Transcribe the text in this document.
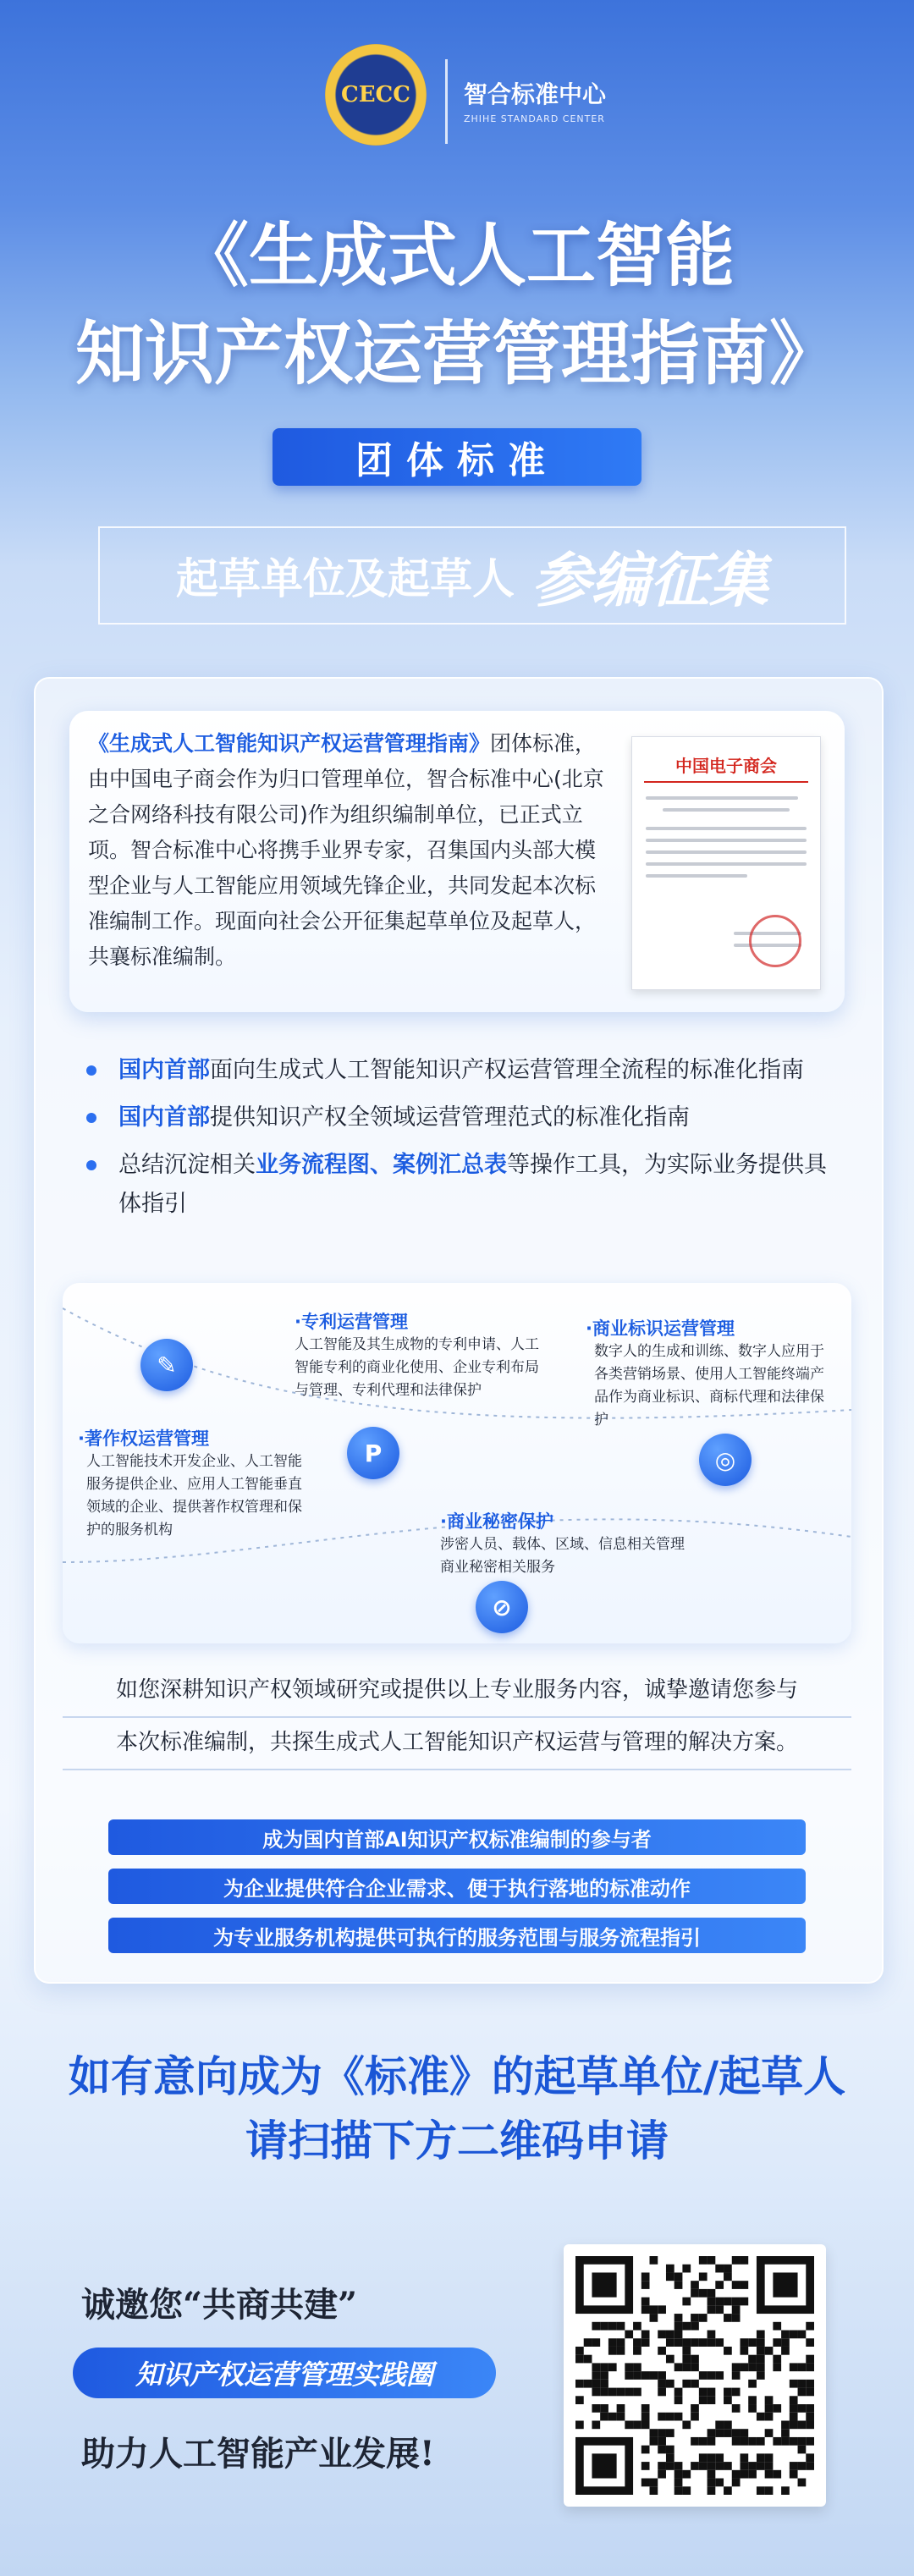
CECC 智合标准中心
ZHIHE STANDARD CENTER
《生成式人工智能
知识产权运营管理指南》
团体标准
起草单位及起草人 参编征集
《生成式人工智能知识产权运营管理指南》团体标准，由中国电子商会作为归口管理单位，智合标准中心(北京之合网络科技有限公司)作为组织编制单位，已正式立项。智合标准中心将携手业界专家，召集国内头部大模型企业与人工智能应用领域先锋企业，共同发起本次标准编制工作。现面向社会公开征集起草单位及起草人，共襄标准编制。
中国电子商会
国内首部面向生成式人工智能知识产权运营管理全流程的标准化指南
国内首部提供知识产权全领域运营管理范式的标准化指南
总结沉淀相关业务流程图、案例汇总表等操作工具，为实际业务提供具体指引
✎
·专利运营管理
人工智能及其生成物的专利申请、人工智能专利的商业化使用、企业专利布局与管理、专利代理和法律保护
·商业标识运营管理
数字人的生成和训练、数字人应用于各类营销场景、使用人工智能终端产品作为商业标识、商标代理和法律保护
·著作权运营管理
人工智能技术开发企业、人工智能服务提供企业、应用人工智能垂直领域的企业、提供著作权管理和保护的服务机构
P	◎
·商业秘密保护
涉密人员、载体、区域、信息相关管理商业秘密相关服务
⊘
如您深耕知识产权领域研究或提供以上专业服务内容，诚挚邀请您参与
本次标准编制，共探生成式人工智能知识产权运营与管理的解决方案。
成为国内首部AI知识产权标准编制的参与者
为企业提供符合企业需求、便于执行落地的标准动作
为专业服务机构提供可执行的服务范围与服务流程指引
如有意向成为《标准》的起草单位/起草人
请扫描下方二维码申请
诚邀您“共商共建”
知识产权运营管理实践圈
助力人工智能产业发展!
